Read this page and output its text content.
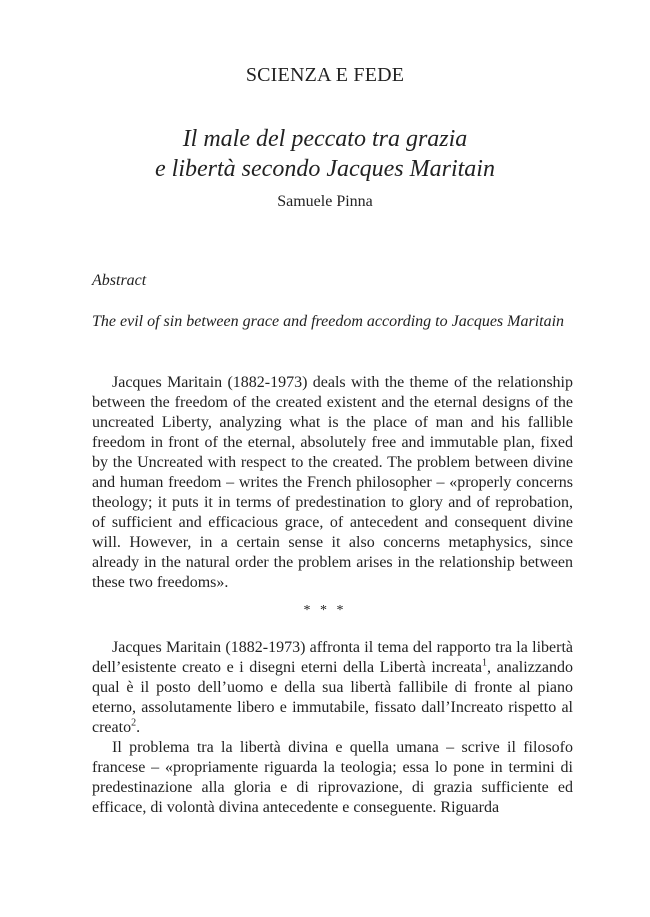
SCIENZA E FEDE
Il male del peccato tra grazia
e libertà secondo Jacques Maritain
Samuele Pinna
Abstract
The evil of sin between grace and freedom according to Jacques Maritain

Jacques Maritain (1882-1973) deals with the theme of the relationship between the freedom of the created existent and the eternal designs of the uncreated Liberty, analyzing what is the place of man and his fallible freedom in front of the eternal, absolutely free and immutable plan, fixed by the Uncreated with respect to the created. The problem between divine and human freedom – writes the French philosopher – «properly concerns theology; it puts it in terms of predestination to glory and of reprobation, of sufficient and efficacious grace, of antecedent and consequent divine will. However, in a certain sense it also concerns metaphysics, since already in the natural order the problem arises in the relationship between these two freedoms».

* * *

Jacques Maritain (1882-1973) affronta il tema del rapporto tra la libertà dell’esistente creato e i disegni eterni della Libertà increata$^1$, analizzando qual è il posto dell’uomo e della sua libertà fallibile di fronte al piano eterno, assolutamente libero e immutabile, fissato dall’Increato rispetto al creato$^2$.

Il problema tra la libertà divina e quella umana – scrive il filosofo francese – «propriamente riguarda la teologia; essa lo pone in termini di predestinazione alla gloria e di riprovazione, di grazia sufficiente ed efficace, di volontà divina antecedente e conseguente. Riguarda
